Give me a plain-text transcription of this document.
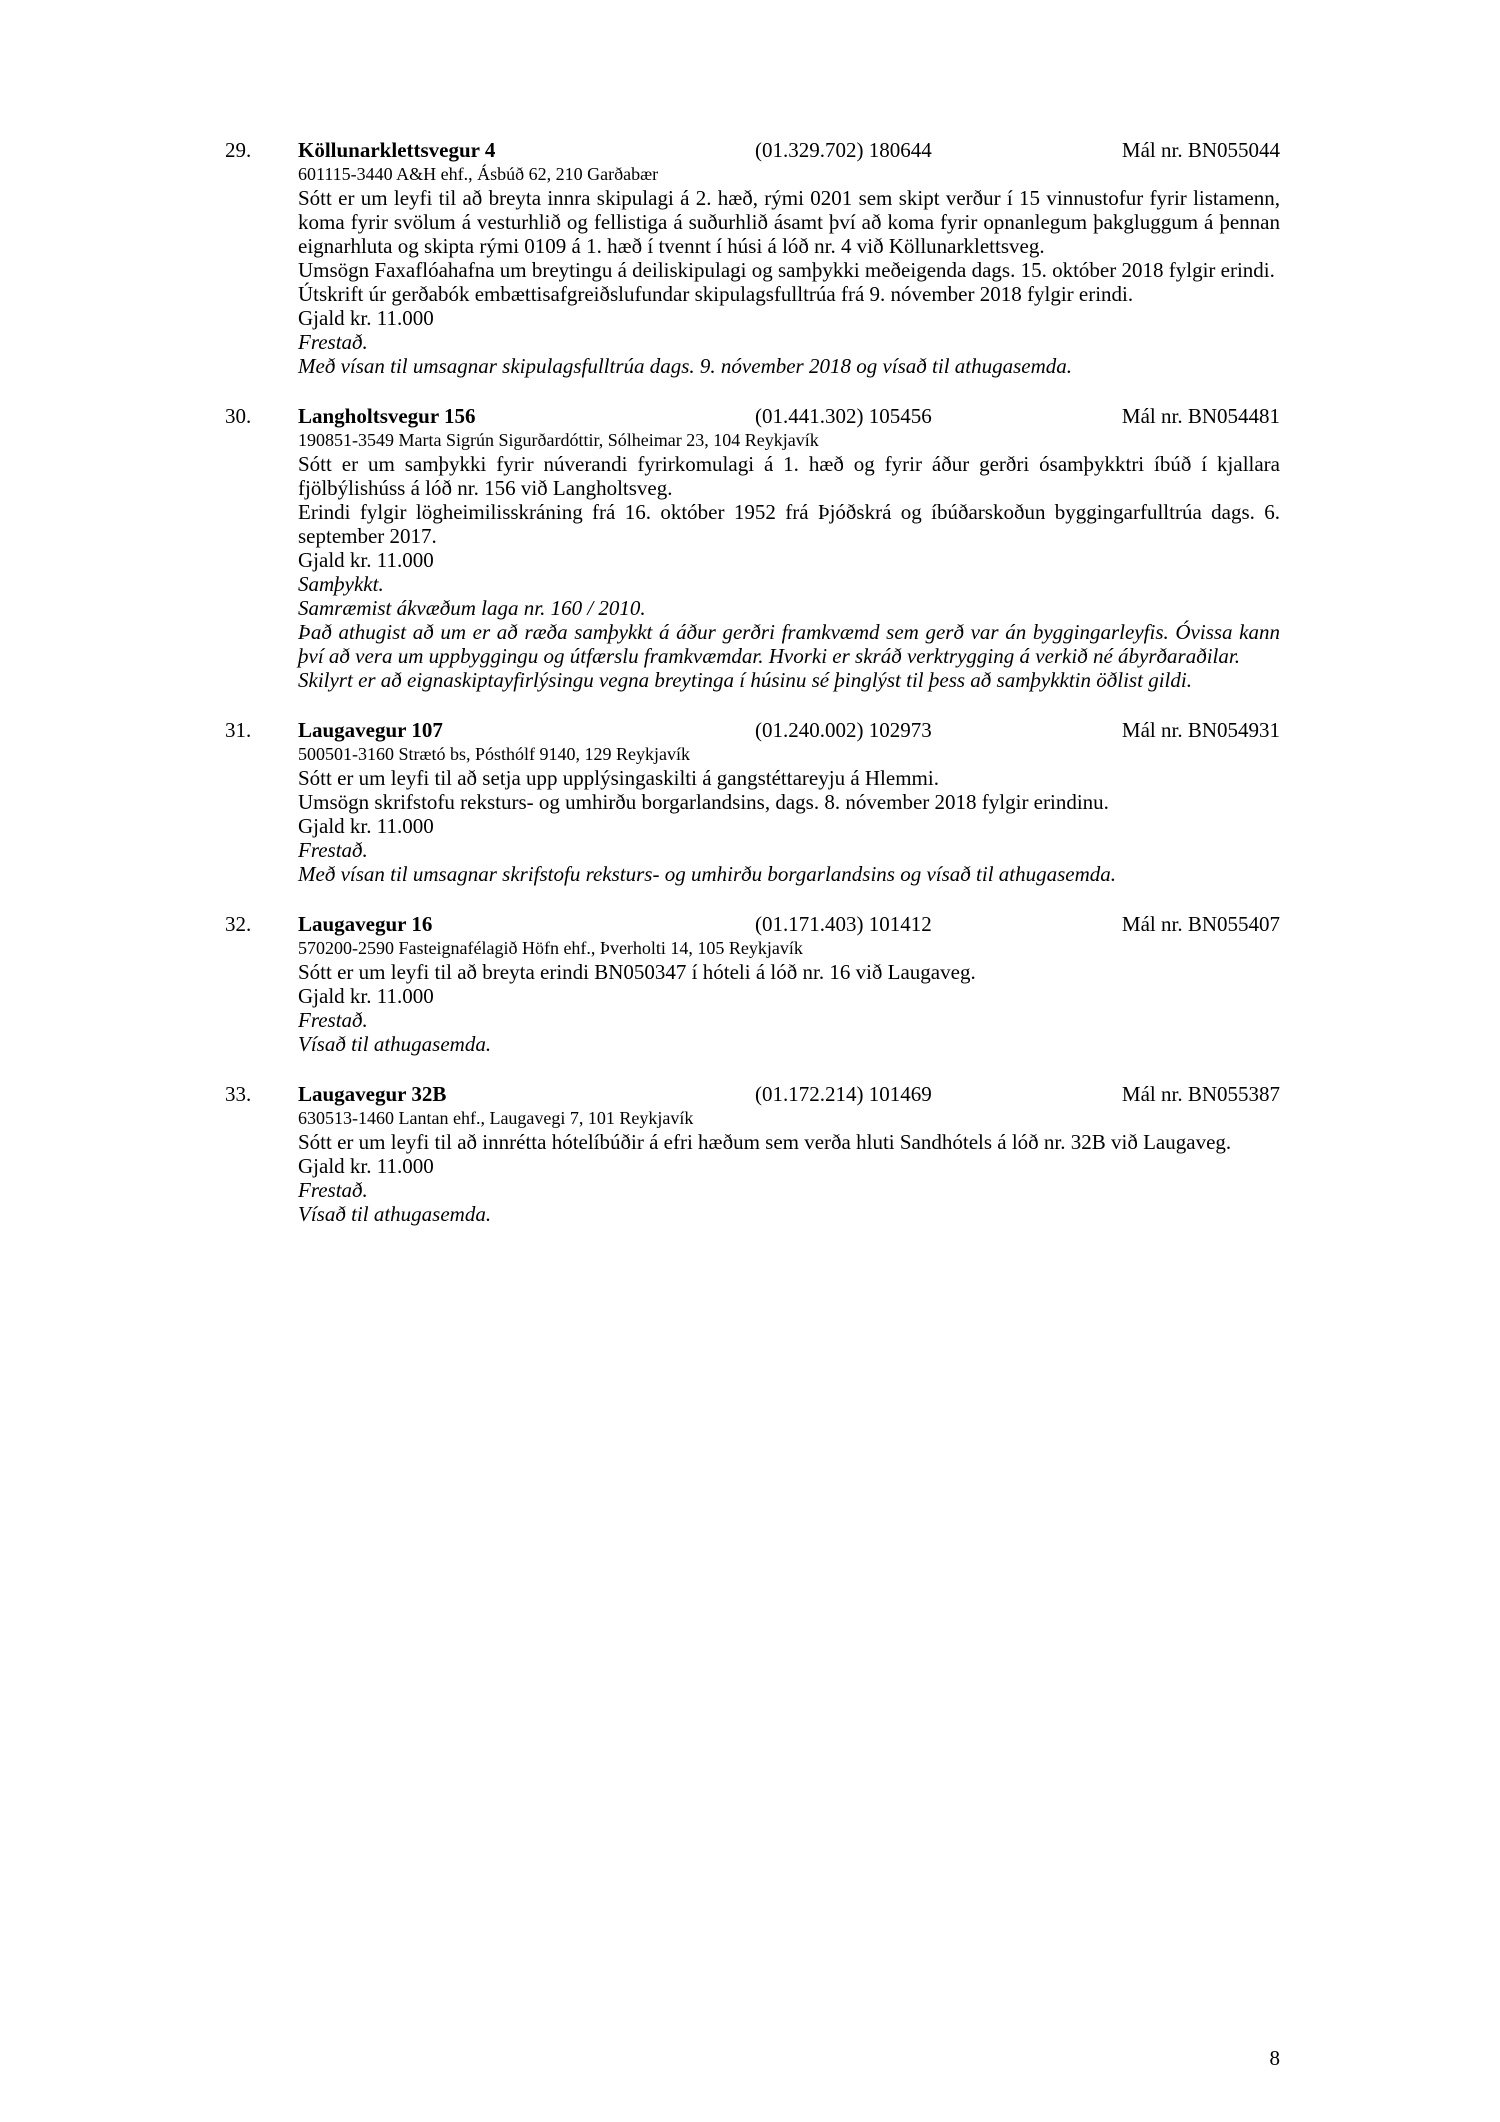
29.	Köllunarklettsvegur 4	(01.329.702) 180644	Mál nr. BN055044
601115-3440 A&H ehf., Ásbúð 62, 210 Garðabær

Sótt er um leyfi til að breyta innra skipulagi á 2. hæð, rými 0201 sem skipt verður í 15 vinnustofur fyrir listamenn, koma fyrir svölum á vesturhlið og fellistiga á suðurhlið ásamt því að koma fyrir opnanlegum þakgluggum á þennan eignarhluta og skipta rými 0109 á 1. hæð í tvennt í húsi á lóð nr. 4 við Köllunarklettsveg.

Umsögn Faxaflóahafna um breytingu á deiliskipulagi og samþykki meðeigenda dags. 15. október 2018 fylgir erindi.

Útskrift úr gerðabók embættisafgreiðslufundar skipulagsfulltrúa frá 9. nóvember 2018 fylgir erindi.

Gjald kr. 11.000

Frestað.

Með vísan til umsagnar skipulagsfulltrúa dags. 9. nóvember 2018 og vísað til athugasemda.

30.	Langholtsvegur 156	(01.441.302) 105456	Mál nr. BN054481
190851-3549 Marta Sigrún Sigurðardóttir, Sólheimar 23, 104 Reykjavík

Sótt er um samþykki fyrir núverandi fyrirkomulagi á 1. hæð og fyrir áður gerðri ósamþykktri íbúð í kjallara fjölbýlishúss á lóð nr. 156 við Langholtsveg.

Erindi fylgir lögheimilisskráning frá 16. október 1952 frá Þjóðskrá og íbúðarskoðun byggingarfulltrúa dags. 6. september 2017.

Gjald kr. 11.000

Samþykkt.

Samræmist ákvæðum laga nr. 160 / 2010.

Það athugist að um er að ræða samþykkt á áður gerðri framkvæmd sem gerð var án byggingarleyfis. Óvissa kann því að vera um uppbyggingu og útfærslu framkvæmdar. Hvorki er skráð verktrygging á verkið né ábyrðaraðilar.

Skilyrt er að eignaskiptayfirlýsingu vegna breytinga í húsinu sé þinglýst til þess að samþykktin öðlist gildi.

31.	Laugavegur 107	(01.240.002) 102973	Mál nr. BN054931
500501-3160 Strætó bs, Pósthólf 9140, 129 Reykjavík

Sótt er um leyfi til að setja upp upplýsingaskilti á gangstéttareyju á Hlemmi.

Umsögn skrifstofu reksturs- og umhirðu borgarlandsins, dags. 8. nóvember 2018 fylgir erindinu.

Gjald kr. 11.000

Frestað.

Með vísan til umsagnar skrifstofu reksturs- og umhirðu borgarlandsins og vísað til athugasemda.

32.	Laugavegur 16	(01.171.403) 101412	Mál nr. BN055407
570200-2590 Fasteignafélagið Höfn ehf., Þverholti 14, 105 Reykjavík

Sótt er um leyfi til að breyta erindi BN050347 í hóteli á lóð nr. 16 við Laugaveg.

Gjald kr. 11.000

Frestað.

Vísað til athugasemda.

33.	Laugavegur 32B	(01.172.214) 101469	Mál nr. BN055387
630513-1460 Lantan ehf., Laugavegi 7, 101 Reykjavík

Sótt er um leyfi til að innrétta hótelíbúðir á efri hæðum sem verða hluti Sandhótels á lóð nr. 32B við Laugaveg.

Gjald kr. 11.000

Frestað.

Vísað til athugasemda.

8
